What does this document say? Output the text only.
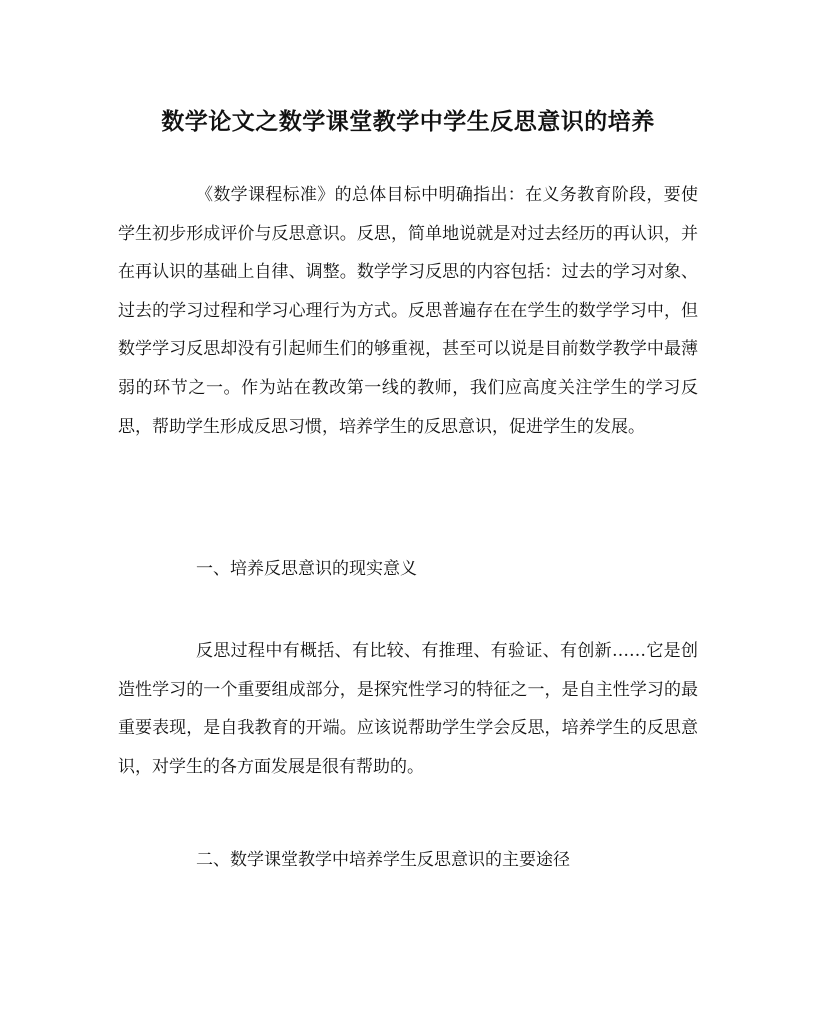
数学论文之数学课堂教学中学生反思意识的培养

《数学课程标准》的总体目标中明确指出：在义务教育阶段，要使学生初步形成评价与反思意识。反思，简单地说就是对过去经历的再认识，并在再认识的基础上自律、调整。数学学习反思的内容包括：过去的学习对象、过去的学习过程和学习心理行为方式。反思普遍存在在学生的数学学习中，但数学学习反思却没有引起师生们的够重视，甚至可以说是目前数学教学中最薄弱的环节之一。作为站在教改第一线的教师，我们应高度关注学生的学习反思，帮助学生形成反思习惯，培养学生的反思意识，促进学生的发展。

一、培养反思意识的现实意义

反思过程中有概括、有比较、有推理、有验证、有创新……它是创造性学习的一个重要组成部分，是探究性学习的特征之一，是自主性学习的最重要表现，是自我教育的开端。应该说帮助学生学会反思，培养学生的反思意识，对学生的各方面发展是很有帮助的。

二、数学课堂教学中培养学生反思意识的主要途径
